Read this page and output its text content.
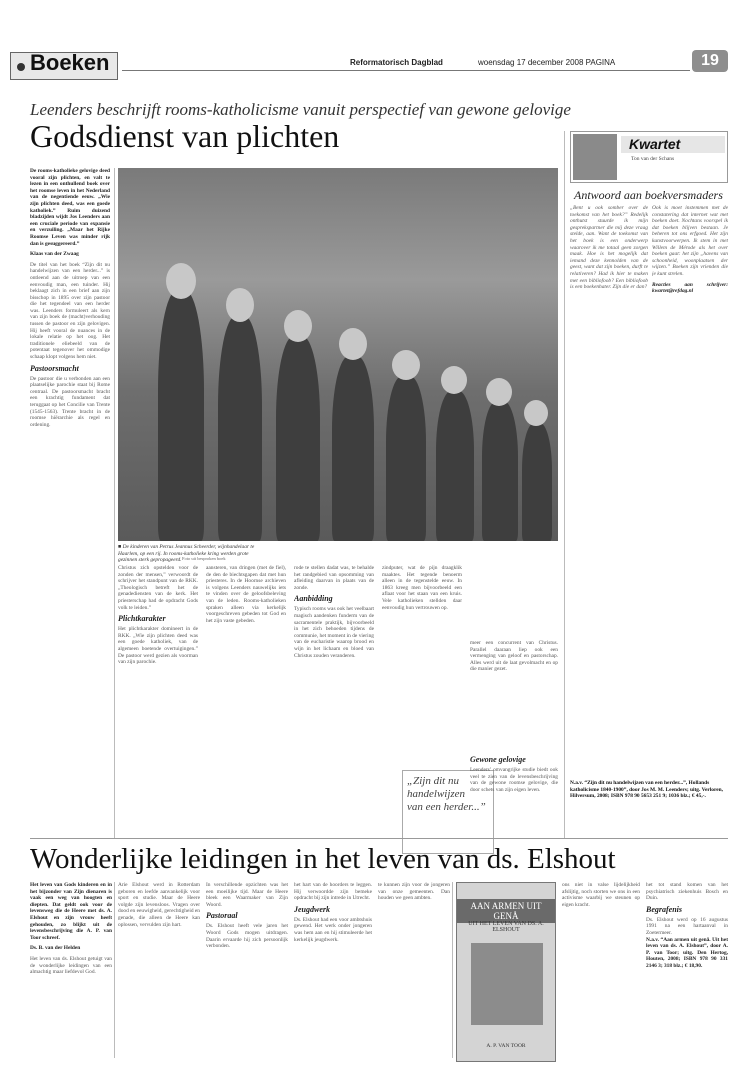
Boeken	Reformatorisch Dagblad	woensdag 17 december 2008 PAGINA	19
Leenders beschrijft rooms-katholicisme vanuit perspectief van gewone gelovige
Godsdienst van plichten

De rooms-katholieke gelovige deed vooral zijn plichten, en valt te lezen in een onthullend boek over het roomse leven in het Nederland van de negentiende eeuw. „Wie zijn plichten deed, was een goede katholiek.” Ruim duizend bladzijden wijdt Jos Leenders aan een cruciale periode van expansie en verzuiling. „Maar het Rijke Roomse Leven was minder rijk dan is gesuggereerd.”

Klaas van der Zwaag

De titel van het boek “Zijn dit nu handelwijzen van een herder...” is ontleend aan de uitroep van een eenvoudig man, een tuinder. Hij beklaagt zich in een brief aan zijn bisschop in 1895 over zijn pastoor die het tegendeel van een herder was. Leenders formuleert als kern van zijn boek de (macht)verhouding tussen de pastoor en zijn gelovigen. Hij heeft vooral de nuances in de lokale relatie op het oog. Het traditionele eliebeeld van de potentaat tegenover het ommodige schaap klopt volgens hem niet.

Pastoorsmacht

De pastoor die u verbonden aan een plaatselijke parochie staat bij Rome centraal. De pastoorsmacht bracht een krachtig fundament dat teruggaat op het Concilie van Trente (1545-1563). Trente bracht in de roomse hiërarchie als regel en ordening.

■ De kinderen van Petrus Jeannus Scheerder, wijnhandelaar te Haarlem, op een rij. In rooms-katholieke kring werden grote gezinnen sterk gepropageerd. Foto uit besproken boek

Christus zich opstelden voor de zonden der mensen,” verwoordt de schrijver het standpunt van de RKK. „Theologisch betreft het de genadediensten van de kerk. Het priesterschap had de opdracht Gods volk te leiden.”

Plichtkarakter

Het plichtkarakter domineert in de RKK. „Wie zijn plichten deed was een goede katholiek, van de algemeen boetende overtuigingen.” De pastoor werd gezien als voorman van zijn parochie.

aansteren, van dringen (met de fiel), de den de biechtsgapen dat met hun priesteres. In de Hoornse archieven is volgens Leenders nauwelijks iets te vinden over de geloofsbeleving van de leden. Rooms-katholieken spraken alleen via kerkelijk voorgeschreven gebeden tot God en het zijn vaste gebeden.

rode te stellen dadat was, te behalde het randgebied van opsomming van afleiding daarvan in plaats van de zonde.

Aanbidding

Typisch rooms was ook het veelbaart magisch aandenken funderm van de sacramentele praktijk, bijvoorbeeld in het zich behoeden tijdens de communie, het moment in de viering van de eucharistie waarop brood en wijn in het lichaam en bloed van Christus zouden veranderen.

zindputer, wat de pijn draagklik maaktes. Het tegende benoerm alleen in de tegenstelde eeuw. In 1863 kreeg men bijvoorbeeld een aflaat voor het staan van een kruis. Vele katholieken stellden daar eenvoudig hun vertrouwen op.

„Zijn dit nu
handelwijzen
van een herder...”

meer een concurrent van Christus. Parallel daaraan liep ook een vermenging van geloof en pastorschap. Alles werd uit de laat gevolmacht en op die manier gezet.

Gewone gelovige

Leenders’ omvangrijke studie biedt ook veel te zien van de levensbeschrijving van de gewone roomse gelovige, die door schets van zijn eigen leven.

Kwartet
Ton van der Schans
Antwoord aan boekversmaders

„Bent u ook somber over de toekomst van het boek?” Redelijk onthutst stuurde ik mijn gesprekspartner die mij deze vraag stelde, aan. Want de toekomst van het boek is een onderwerp waarover ik me totaal geen zorgen maak. Hoe is het mogelijk dat iemand deze kennolden van de geest, want dat zijn boeken, durft te relativeren? Had ik hier te maken met een bibliofoob? Een bibliofoob is een boekenhater. Zijn die er dan?

Ook is moet instemmen met de constatering dat internet wat met boeken doet. Nochtans voorspel ik dat boeken blijven bestaan. Je beheren tot ons erfgoed. Het zijn kunstvoorwerpen. Ik stem in met Willem de Mérode als het over boeken gaat: het zijn „havens van schoonheid, woonplaatsen der wijzen.” Boeken zijn vrienden die je kunt strelen.

Reacties aan schrijver: kwartet@refdag.nl

N.a.v. “Zijn dit nu handelwijzen van een herder...”, Hollands katholicisme 1840-1900”, door Jos M. M. Leenders; uitg. Verloren, Hilversum, 2008; ISBN 978 90 5653 251 9; 1036 blz.; € 45,-.
Wonderlijke leidingen in het leven van ds. Elshout

Het leven van Gods kinderen en in het bijzonder van Zijn dienaren is vaak een weg van hoogten en diepten. Dat geldt ook voor de levensweg die de Heere met ds. A. Elshout en zijn vrouw heeft gehouden, zo blijkt uit de levensbeschrijving die A. P. van Toor schreef.

Ds. B. van der Helden

Het leven van ds. Elshout getuigt van de wonderlijke leidingen van een almachtig maar liefdevol God.

Arie Elshout werd in Rotterdam geboren en leefde aanvankelijk voor sport en studie. Maar de Heere volgde zijn levensloos. Vragen over dood en eeuwigheid, gerechtigheid en genade, die alleen de Heere kan oplossen, vervulden zijn hart.

In verschillende opzichten was het een moeilijke tijd. Maar de Heere bleek een Waarmaker van Zijn Woord.

Pastoraal

Ds. Elshout heeft vele jaren het Woord Gods mogen uitdragen. Daarin ervaarde hij zich persoonlijk verbonden.

het hart van de hoorders te leggen. Hij verwoordde zijn bemeke opdracht bij zijn intrede in Utrecht.

Jeugdwerk

Ds. Elshout had een voor ambtshuis gewend. Het werk onder jongeren was hem aan en hij stimuleerde het kerkelijk jeugdwerk.

te kunnen zijn voor de jongeren van onze gemeenten. Dan houden we geen ambten.

AAN ARMEN UIT GENÅ
UIT HET LEVEN VAN DS. A. ELSHOUT
A. P. VAN TOOR

ons niet in valse lijdelijkheid afslijtig, noch storten we ons in een activisme waarbij we steunen op eigen kracht.

het tot stand komen van het psychiatrisch ziekenhuis Bosch en Duin.

Begrafenis

Ds. Elshout werd op 16 augustus 1991 na een hartaanval in Zoetermeer.

N.a.v. “Aan armen uit genå. Uit het leven van ds. A. Elshout”, door A. P. van Toor; uitg. Den Hertog, Houten, 2008; ISBN 978 90 331 2146 3; 318 blz.; € 18,90.
